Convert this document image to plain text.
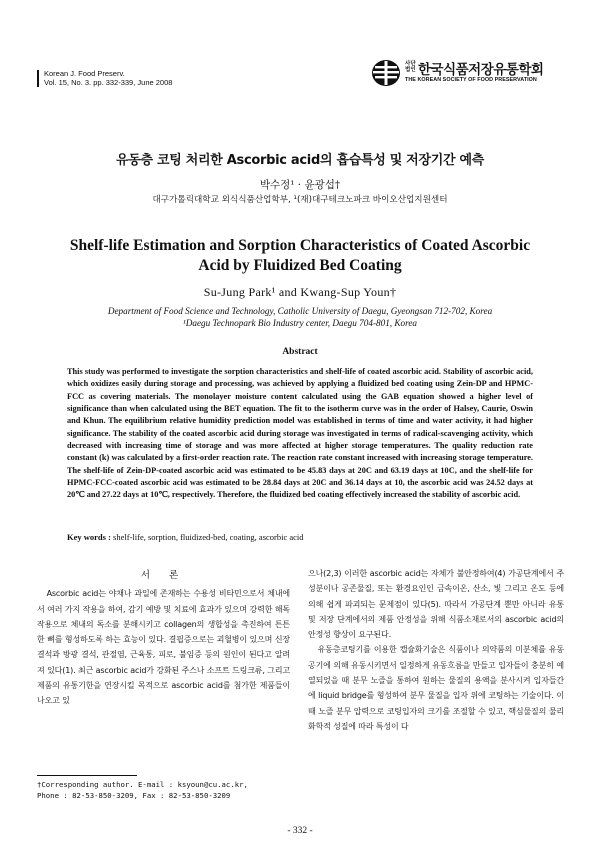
Korean J. Food Preserv.
Vol. 15, No. 3. pp. 332-339, June 2008
사단
법인 한국식품저장유통학회
THE KOREAN SOCIETY OF FOOD PRESERVATION
유동층 코팅 처리한 Ascorbic acid의 흡습특성 및 저장기간 예측
박수정¹ · 윤광섭†
대구가톨릭대학교 외식식품산업학부, ¹(재)대구테크노파크 바이오산업지원센터
Shelf-life Estimation and Sorption Characteristics of Coated Ascorbic
Acid by Fluidized Bed Coating
Su-Jung Park¹ and Kwang-Sup Youn†
Department of Food Science and Technology, Catholic University of Daegu, Gyeongsan 712-702, Korea
¹Daegu Technopark Bio Industry center, Daegu 704-801, Korea
Abstract
This study was performed to investigate the sorption characteristics and shelf-life of coated ascorbic acid. Stability of ascorbic acid, which oxidizes easily during storage and processing, was achieved by applying a fluidized bed coating using Zein-DP and HPMC-FCC as covering materials. The monolayer moisture content calculated using the GAB equation showed a higher level of significance than when calculated using the BET equation. The fit to the isotherm curve was in the order of Halsey, Caurie, Oswin and Khun. The equilibrium relative humidity prediction model was established in terms of time and water activity, it had higher significance. The stability of the coated ascorbic acid during storage was investigated in terms of radical-scavenging activity, which decreased with increasing time of storage and was more affected at higher storage temperatures. The quality reduction rate constant (k) was calculated by a first-order reaction rate. The reaction rate constant increased with increasing storage temperature. The shelf-life of Zein-DP-coated ascorbic acid was estimated to be 45.83 days at 20C and 63.19 days at 10C, and the shelf-life for HPMC-FCC-coated ascorbic acid was estimated to be 28.84 days at 20C and 36.14 days at 10, the ascorbic acid was 24.52 days at 20℃ and 27.22 days at 10℃, respectively. Therefore, the fluidized bed coating effectively increased the stability of ascorbic acid.
Key words : shelf-life, sorption, fluidized-bed, coating, ascorbic acid
서 론

Ascorbic acid는 야채나 과일에 존재하는 수용성 비타민으로서 체내에서 여러 가지 작용을 하여, 감기 예방 및 치료에 효과가 있으며 강력한 해독작용으로 체내의 독소를 분해시키고 collagen의 생합성을 촉진하여 튼튼한 뼈를 형성하도록 하는 효능이 있다. 결핍증으로는 괴혈병이 있으며 신장 결석과 방광 결석, 관절염, 근육통, 피로, 불임증 등의 원인이 된다고 알려져 있다(1). 최근 ascorbic acid가 강화된 주스나 소프트 드링크류, 그리고 제품의 유통기한을 연장시킬 목적으로 ascorbic acid를 첨가한 제품들이 나오고 있

으나(2,3) 이러한 ascorbic acid는 자체가 불안정하여(4) 가공단계에서 주성분이나 공존물질, 또는 환경요인인 금속이온, 산소, 빛 그리고 온도 등에 의해 쉽게 파괴되는 문제점이 있다(5). 따라서 가공단계 뿐만 아니라 유통 및 저장 단계에서의 제품 안정성을 위해 식품소재로서의 ascorbic acid의 안정성 향상이 요구된다.

유동층코팅기를 이용한 캡슐화기술은 식품이나 의약품의 미분체를 유동 공기에 의해 유동시키면서 일정하게 유동흐름을 만들고 입자들이 충분히 예열되었을 때 분무 노즐을 통하여 원하는 물질의 용액을 분사시켜 입자들간에 liquid bridge를 형성하여 분무 물질을 입자 위에 코팅하는 기술이다. 이 때 노즐 분무 압력으로 코팅입자의 크기를 조절할 수 있고, 핵심물질의 물리화학적 성질에 따라 특성이 다

†Corresponding author. E-mail : ksyoun@cu.ac.kr,
Phone : 82-53-850-3209, Fax : 82-53-850-3209
- 332 -
